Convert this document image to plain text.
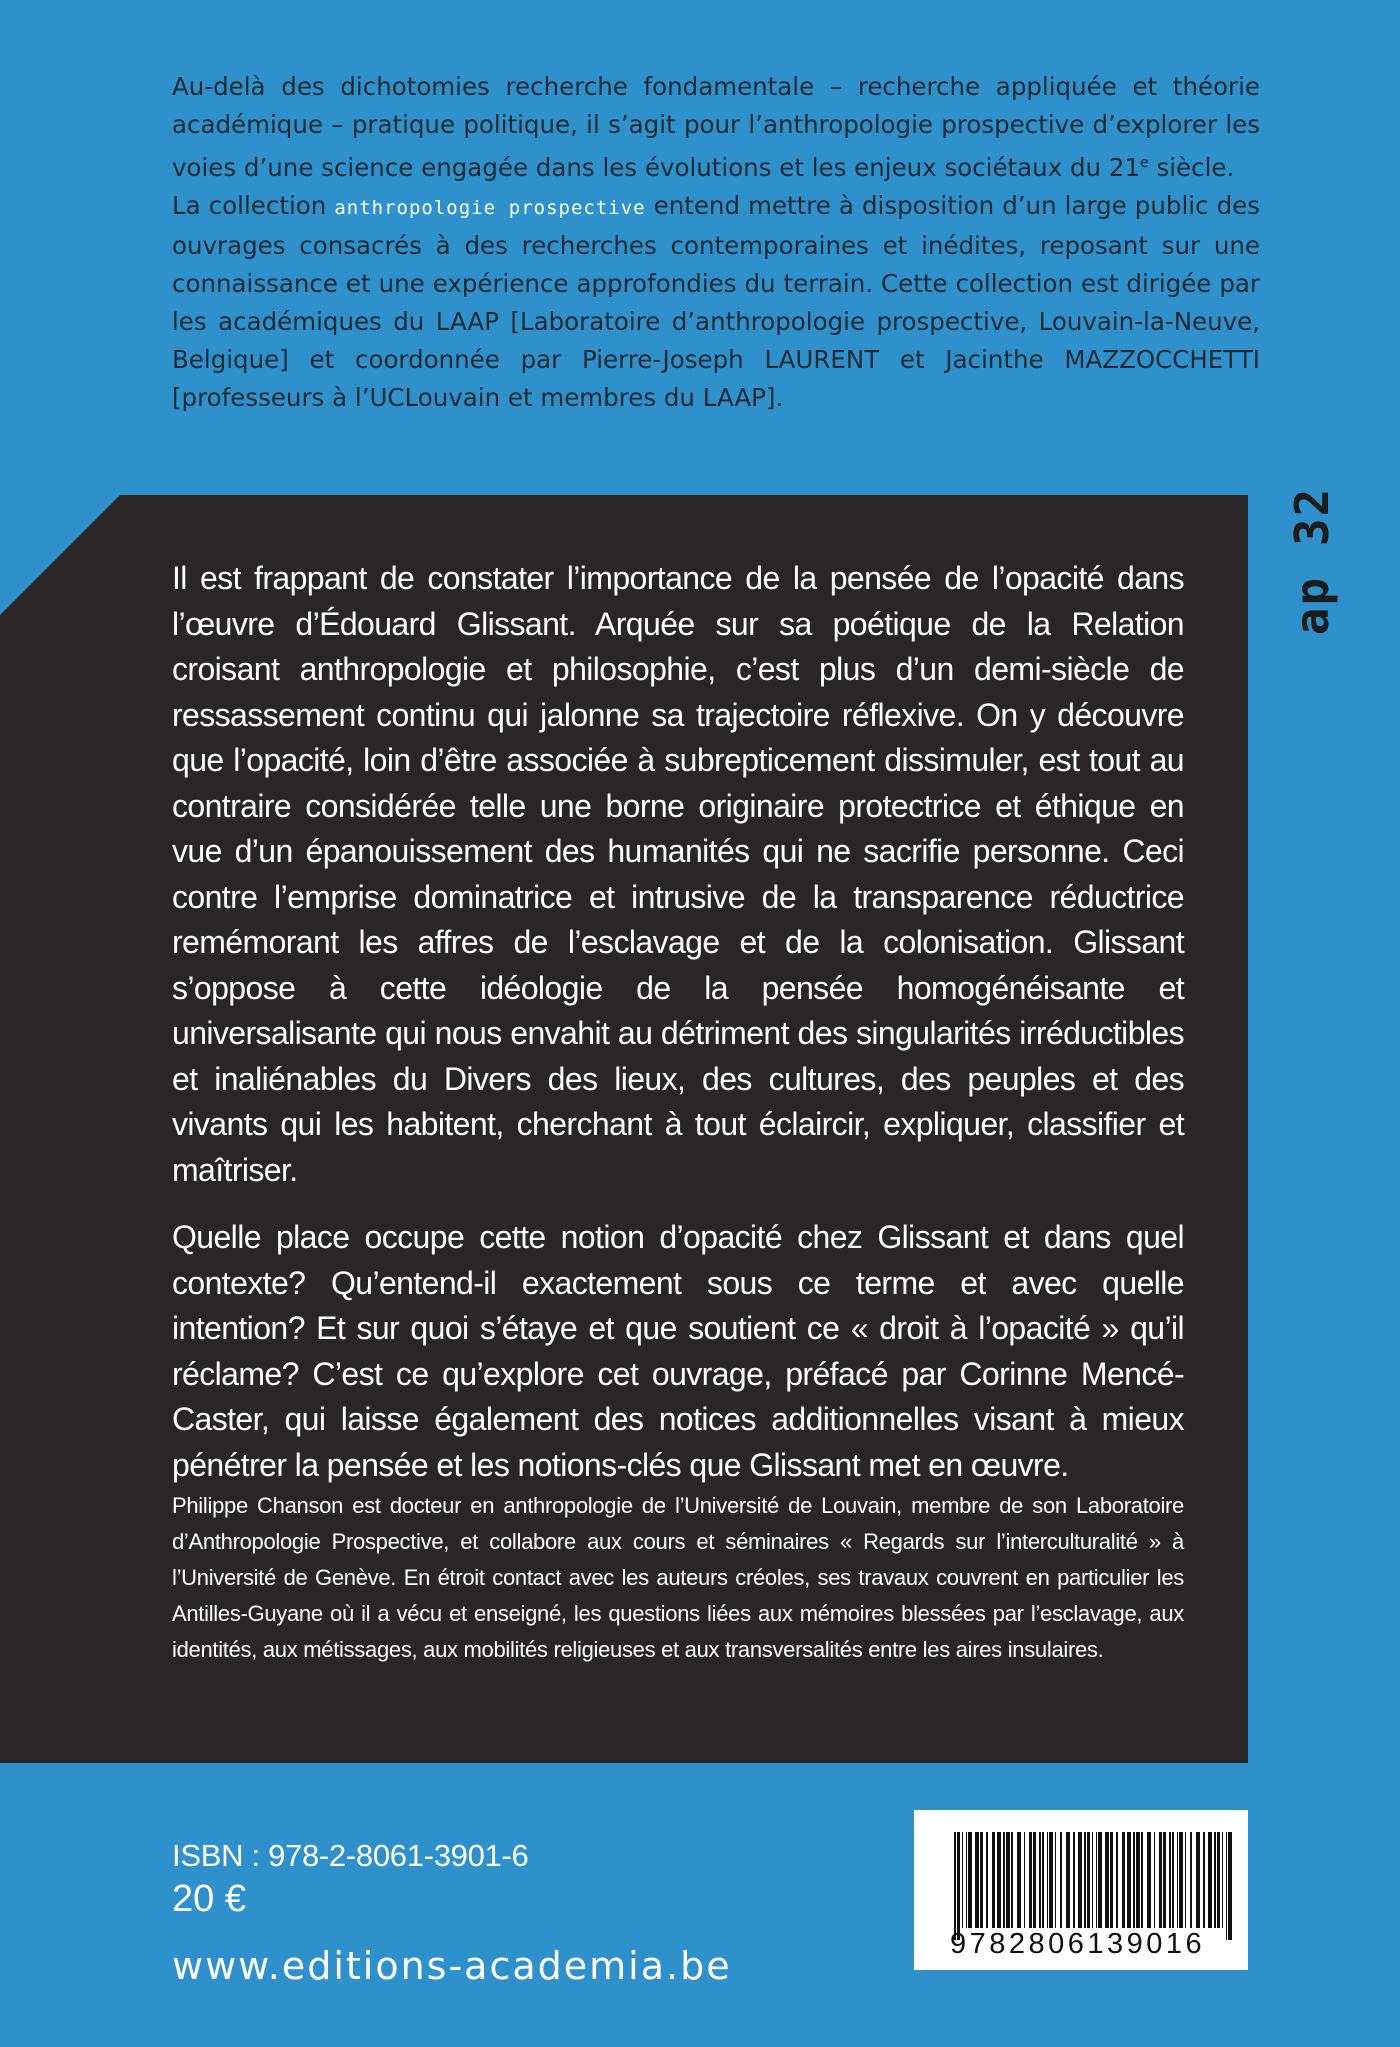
Au-delà des dichotomies recherche fondamentale – recherche appliquée et théorie académique – pratique politique, il s’agit pour l’anthropologie prospective d’explorer les voies d’une science engagée dans les évolutions et les enjeux sociétaux du 21e siècle.

La collection anthropologie prospective entend mettre à disposition d’un large public des ouvrages consacrés à des recherches contemporaines et inédites, reposant sur une connaissance et une expérience approfondies du terrain. Cette collection est dirigée par les académiques du LAAP [Laboratoire d’anthropologie prospective, Louvain-la-Neuve, Belgique] et coordonnée par Pierre-Joseph LAURENT et Jacinthe MAZZOCCHETTI [professeurs à l’UCLouvain et membres du LAAP].

ap 32

Il est frappant de constater l’importance de la pensée de l’opacité dans l’œuvre d’Édouard Glissant. Arquée sur sa poétique de la Relation croisant anthropologie et philosophie, c’est plus d’un demi-siècle de ressassement continu qui jalonne sa trajectoire réflexive. On y découvre que l’opacité, loin d’être associée à subrepticement dissimuler, est tout au contraire considérée telle une borne originaire protectrice et éthique en vue d’un épanouissement des humanités qui ne sacrifie personne. Ceci contre l’emprise dominatrice et intrusive de la transparence réductrice remémorant les affres de l’esclavage et de la colonisation. Glissant s’oppose à cette idéologie de la pensée homogénéisante et universalisante qui nous envahit au détriment des singularités irréductibles et inaliénables du Divers des lieux, des cultures, des peuples et des vivants qui les habitent, cherchant à tout éclaircir, expliquer, classifier et maîtriser.

Quelle place occupe cette notion d’opacité chez Glissant et dans quel contexte? Qu’entend-il exactement sous ce terme et avec quelle intention? Et sur quoi s’étaye et que soutient ce « droit à l’opacité » qu’il réclame? C’est ce qu’explore cet ouvrage, préfacé par Corinne Mencé-Caster, qui laisse également des notices additionnelles visant à mieux pénétrer la pensée et les notions-clés que Glissant met en œuvre.

Philippe Chanson est docteur en anthropologie de l’Université de Louvain, membre de son Laboratoire d’Anthropologie Prospective, et collabore aux cours et séminaires « Regards sur l’interculturalité » à l’Université de Genève. En étroit contact avec les auteurs créoles, ses travaux couvrent en particulier les Antilles-Guyane où il a vécu et enseigné, les questions liées aux mémoires blessées par l’esclavage, aux identités, aux métissages, aux mobilités religieuses et aux transversalités entre les aires insulaires.

ISBN : 978-2-8061-3901-6

20 €

www.editions-academia.be	9782806139016
